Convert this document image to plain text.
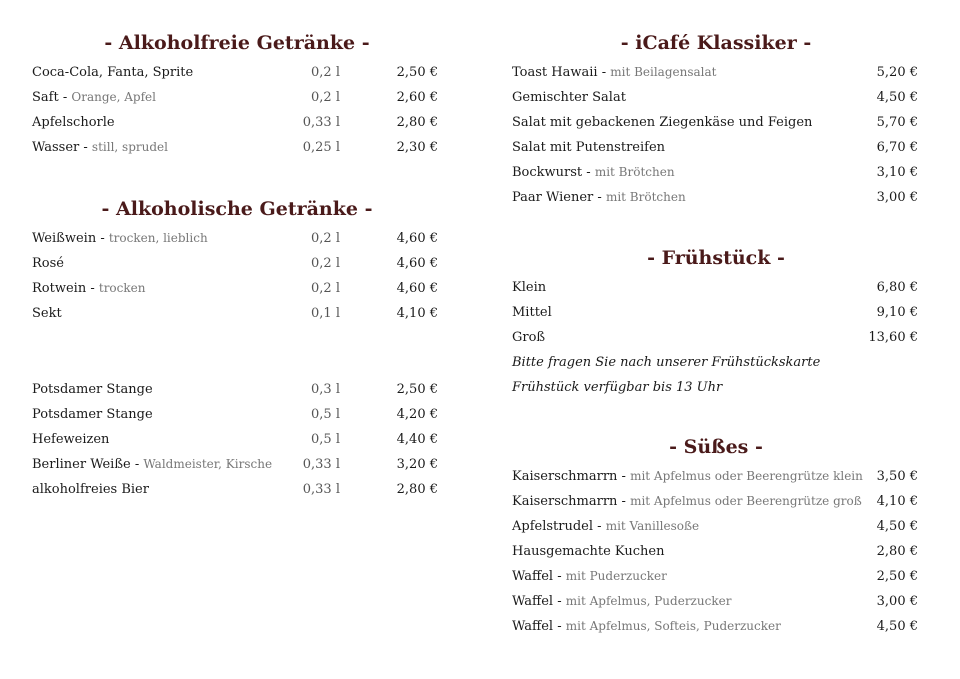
- Alkoholfreie Getränke -
Coca-Cola, Fanta, Sprite	0,2 l	2,50 €
Saft - Orange, Apfel	0,2 l	2,60 €
Apfelschorle	0,33 l	2,80 €
Wasser - still, sprudel	0,25 l	2,30 €
- Alkoholische Getränke -
Weißwein - trocken, lieblich	0,2 l	4,60 €
Rosé	0,2 l	4,60 €
Rotwein - trocken	0,2 l	4,60 €
Sekt	0,1 l	4,10 €
Potsdamer Stange	0,3 l	2,50 €
Potsdamer Stange	0,5 l	4,20 €
Hefeweizen	0,5 l	4,40 €
Berliner Weiße - Waldmeister, Kirsche 0,33 l	3,20 €
alkoholfreies Bier	0,33 l	2,80 €
- iCafé Klassiker -
Toast Hawaii - mit Beilagensalat	5,20 €
Gemischter Salat	4,50 €
Salat mit gebackenen Ziegenkäse und Feigen	5,70 €
Salat mit Putenstreifen	6,70 €
Bockwurst - mit Brötchen	3,10 €
Paar Wiener - mit Brötchen	3,00 €
- Frühstück -
Klein	6,80 €
Mittel	9,10 €
Groß	13,60 €
Bitte fragen Sie nach unserer Frühstückskarte
Frühstück verfügbar bis 13 Uhr
- Süßes -
Kaiserschmarrn - mit Apfelmus oder Beerengrütze klein 3,50 €
Kaiserschmarrn - mit Apfelmus oder Beerengrütze groß 4,10 €
Apfelstrudel - mit Vanillesoße	4,50 €
Hausgemachte Kuchen	2,80 €
Waffel - mit Puderzucker	2,50 €
Waffel - mit Apfelmus, Puderzucker	3,00 €
Waffel - mit Apfelmus, Softeis, Puderzucker	4,50 €
